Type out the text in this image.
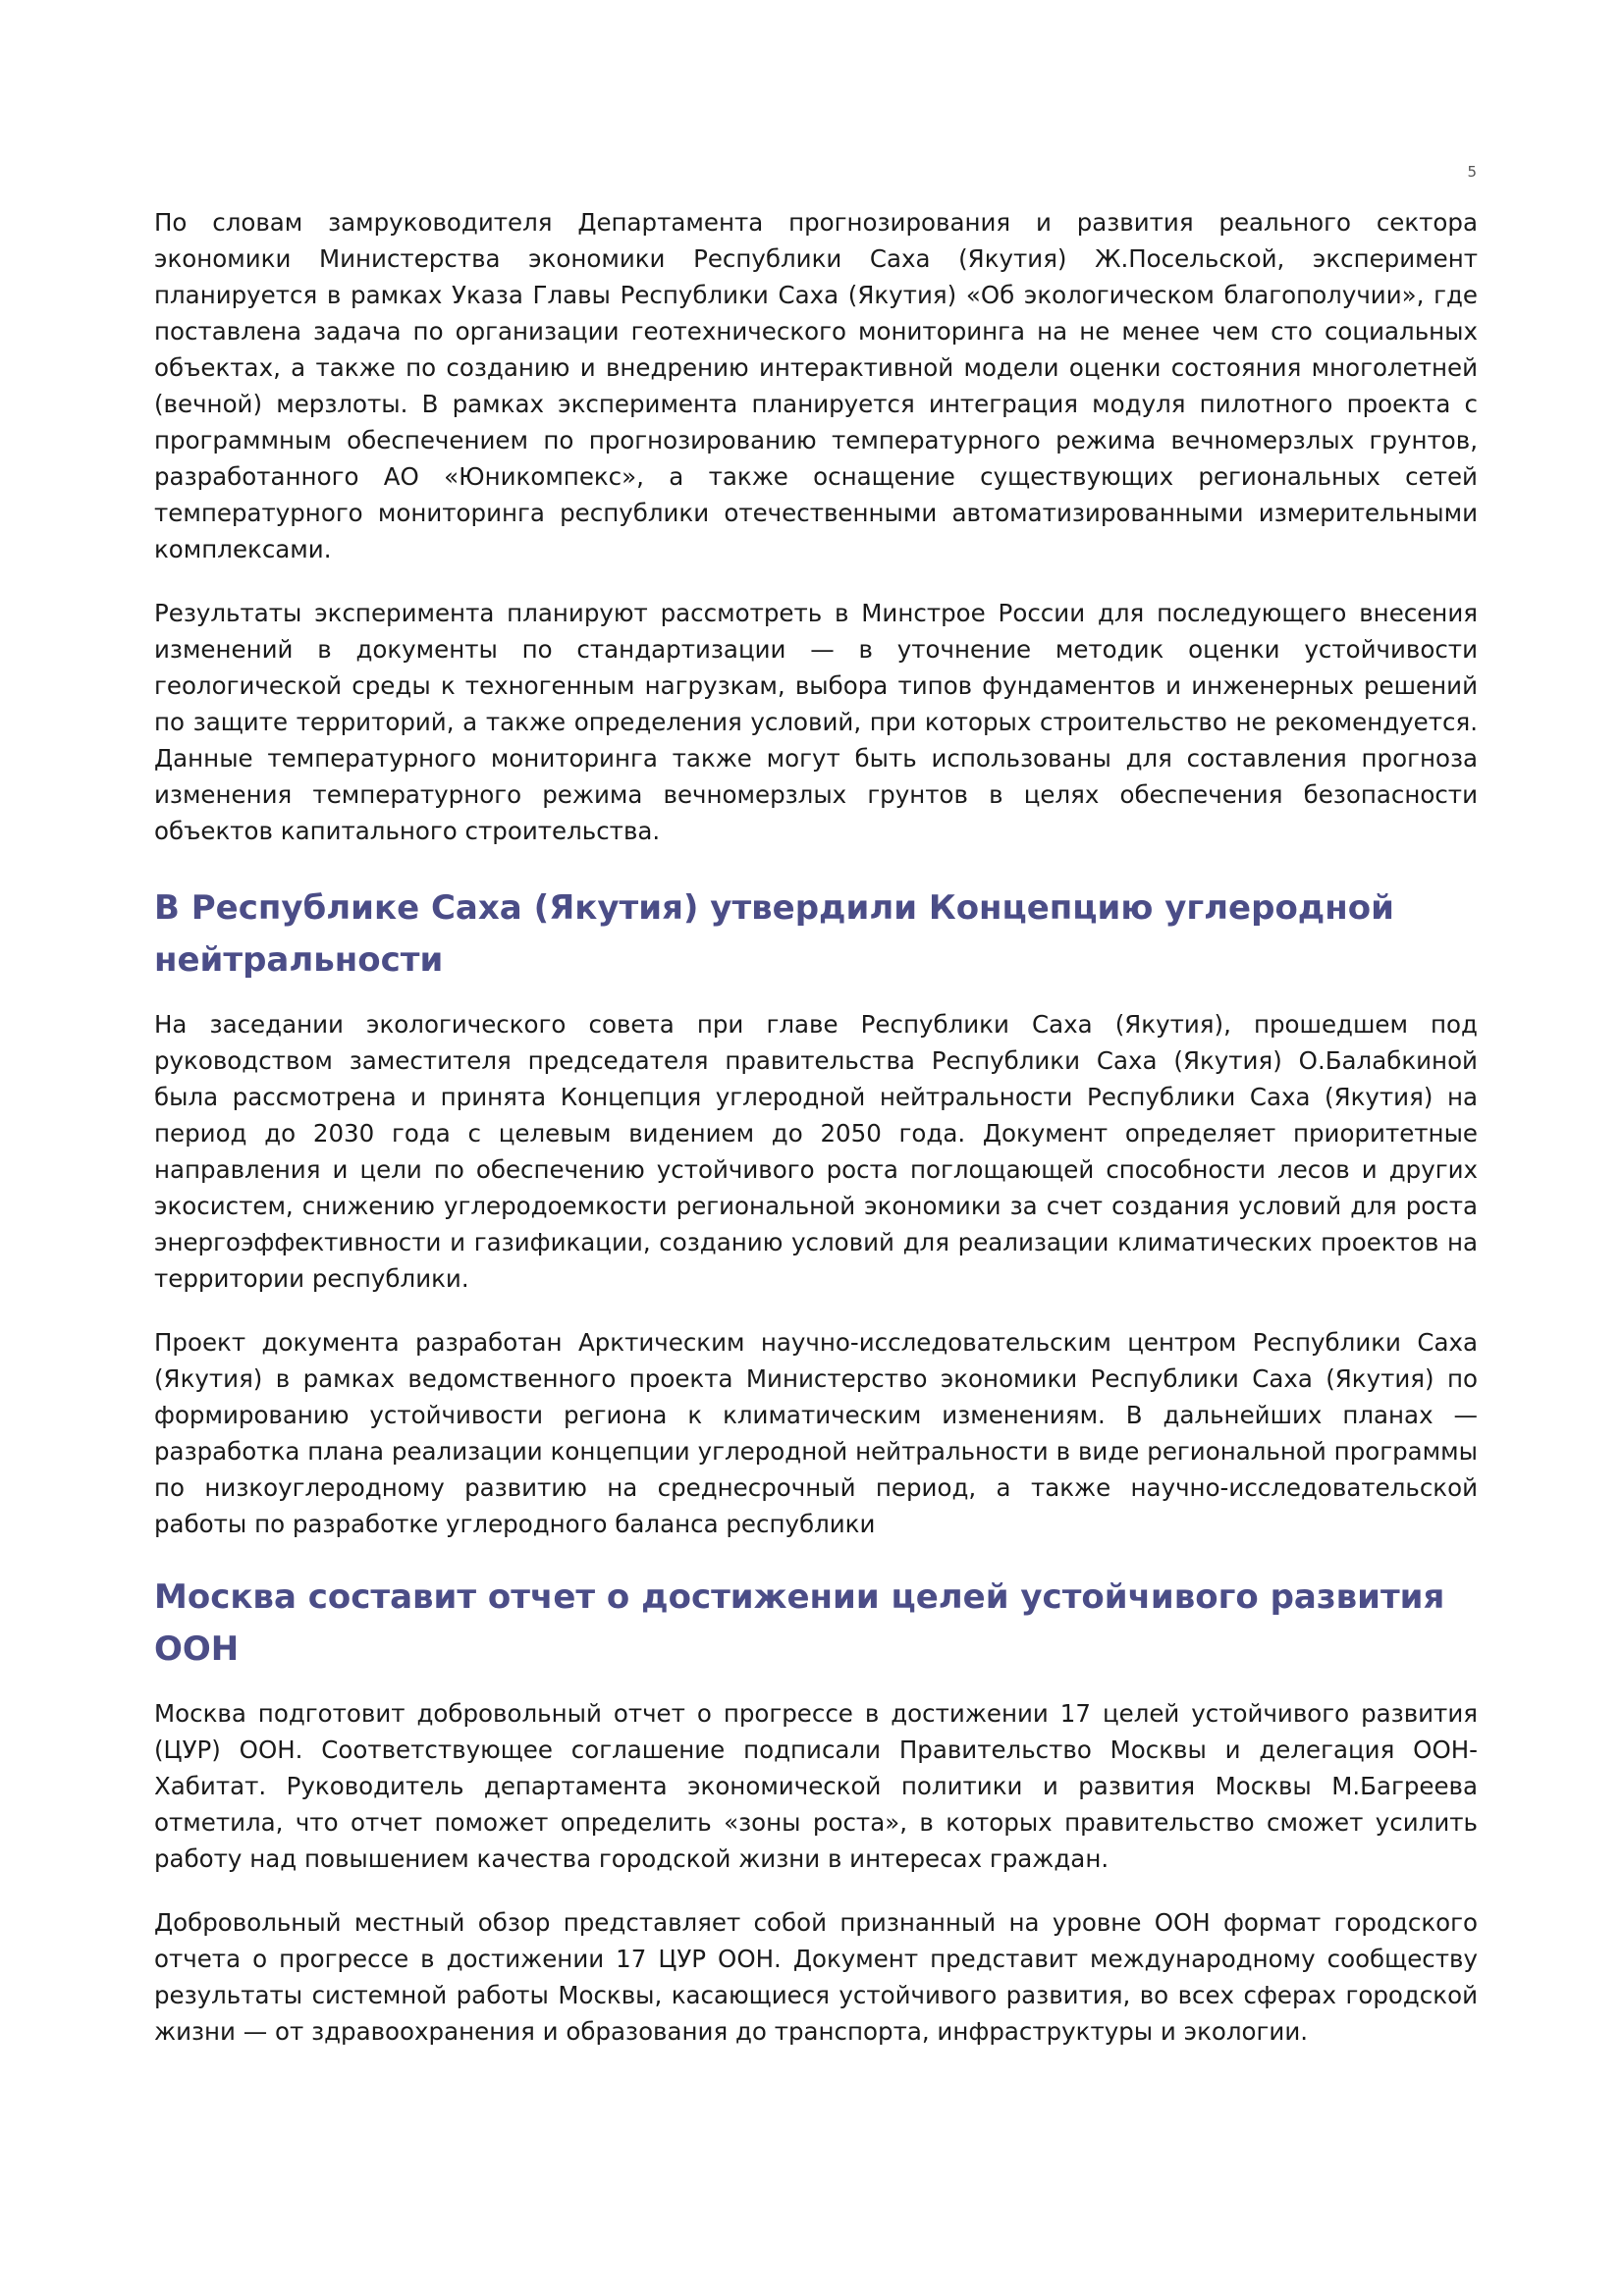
5

По словам замруководителя Департамента прогнозирования и развития реального сектора экономики Министерства экономики Республики Саха (Якутия) Ж.Посельской, эксперимент планируется в рамках Указа Главы Республики Саха (Якутия) «Об экологическом благополучии», где поставлена задача по организации геотехнического мониторинга на не менее чем сто социальных объектах, а также по созданию и внедрению интерактивной модели оценки состояния многолетней (вечной) мерзлоты. В рамках эксперимента планируется интеграция модуля пилотного проекта с программным обеспечением по прогнозированию температурного режима вечномерзлых грунтов, разработанного АО «Юникомпекс», а также оснащение существующих региональных сетей температурного мониторинга республики отечественными автоматизированными измерительными комплексами.

Результаты эксперимента планируют рассмотреть в Минстрое России для последующего внесения изменений в документы по стандартизации — в уточнение методик оценки устойчивости геологической среды к техногенным нагрузкам, выбора типов фундаментов и инженерных решений по защите территорий, а также определения условий, при которых строительство не рекомендуется. Данные температурного мониторинга также могут быть использованы для составления прогноза изменения температурного режима вечномерзлых грунтов в целях обеспечения безопасности объектов капитального строительства.

В Республике Саха (Якутия) утвердили Концепцию углеродной нейтральности

На заседании экологического совета при главе Республики Саха (Якутия), прошедшем под руководством заместителя председателя правительства Республики Саха (Якутия) О.Балабкиной была рассмотрена и принята Концепция углеродной нейтральности Республики Саха (Якутия) на период до 2030 года с целевым видением до 2050 года. Документ определяет приоритетные направления и цели по обеспечению устойчивого роста поглощающей способности лесов и других экосистем, снижению углеродоемкости региональной экономики за счет создания условий для роста энергоэффективности и газификации, созданию условий для реализации климатических проектов на территории республики.

Проект документа разработан Арктическим научно-исследовательским центром Республики Саха (Якутия) в рамках ведомственного проекта Министерство экономики Республики Саха (Якутия) по формированию устойчивости региона к климатическим изменениям. В дальнейших планах — разработка плана реализации концепции углеродной нейтральности в виде региональной программы по низкоуглеродному развитию на среднесрочный период, а также научно-исследовательской работы по разработке углеродного баланса республики

Москва составит отчет о достижении целей устойчивого развития ООН

Москва подготовит добровольный отчет о прогрессе в достижении 17 целей устойчивого развития (ЦУР) ООН. Соответствующее соглашение подписали Правительство Москвы и делегация ООН-Хабитат. Руководитель департамента экономической политики и развития Москвы М.Багреева отметила, что отчет поможет определить «зоны роста», в которых правительство сможет усилить работу над повышением качества городской жизни в интересах граждан.

Добровольный местный обзор представляет собой признанный на уровне ООН формат городского отчета о прогрессе в достижении 17 ЦУР ООН. Документ представит международному сообществу результаты системной работы Москвы, касающиеся устойчивого развития, во всех сферах городской жизни — от здравоохранения и образования до транспорта, инфраструктуры и экологии.
